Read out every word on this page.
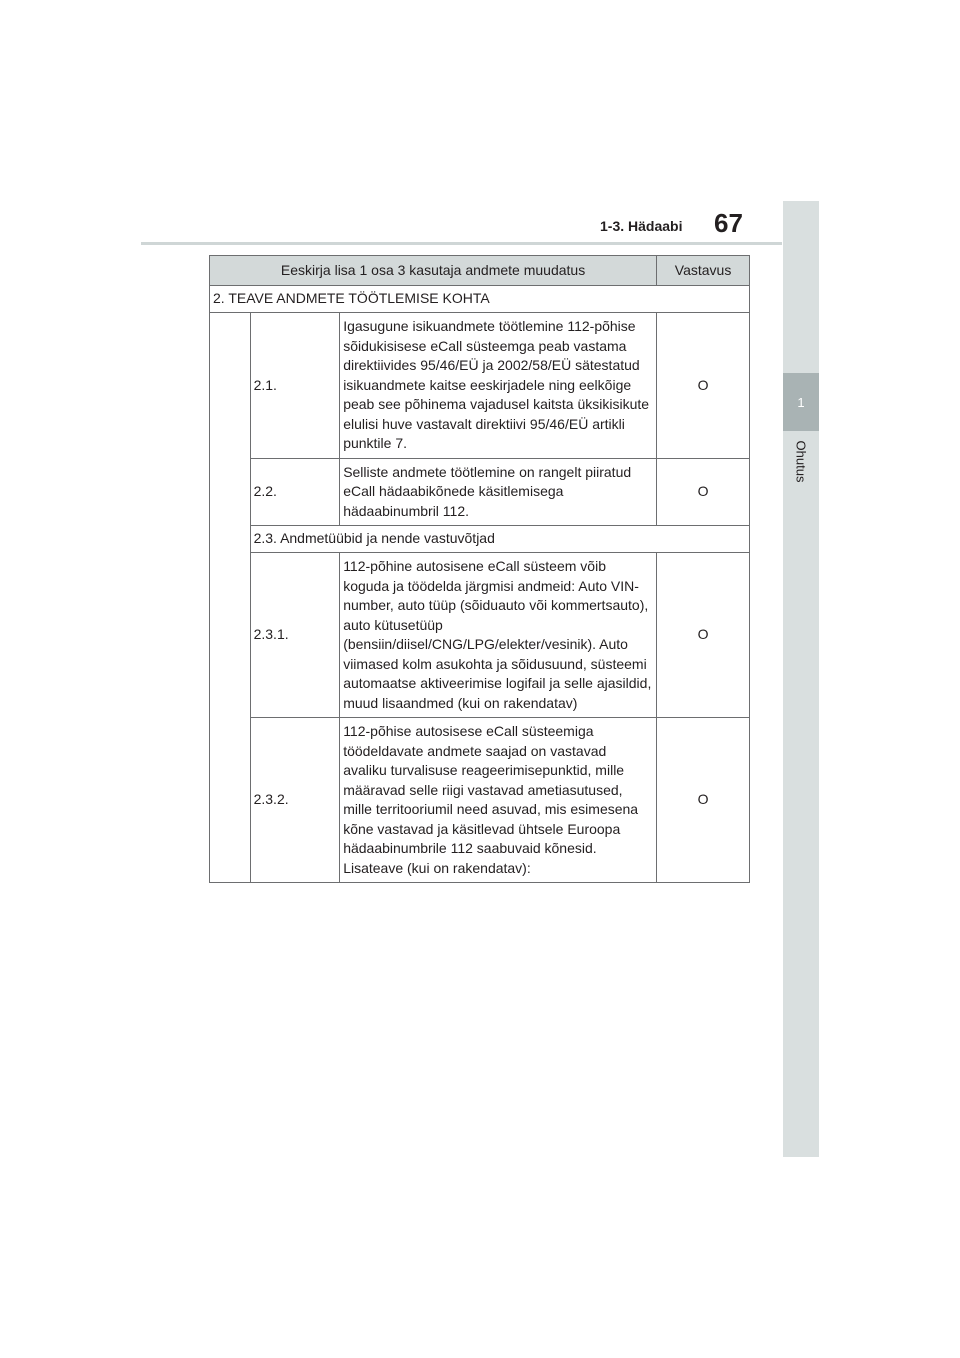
1-3. Hädaabi 67
1
Ohutus
Eeskirja lisa 1 osa 3 kasutaja andmete muudatus			Vastavus
2. TEAVE ANDMETE TÖÖTLEMISE KOHTA			
	2.1.	Igasugune isikuandmete töötlemine 112-põhise sõidukisisese eCall süsteemga peab vastama direktiivides 95/46/EÜ ja 2002/58/EÜ sätestatud isikuandmete kaitse eeskirjadele ning eelkõige peab see põhinema vajadusel kaitsta üksikisikute elulisi huve vastavalt direktiivi 95/46/EÜ artikli punktile 7.	O
	2.2.	Selliste andmete töötlemine on rangelt piiratud eCall hädaabikõnede käsitlemisega hädaabinumbril 112.	O
	2.3. Andmetüübid ja nende vastuvõtjad		
	2.3.1.	112-põhine autosisene eCall süsteem võib koguda ja töödelda järgmisi andmeid: Auto VIN-number, auto tüüp (sõiduauto või kommertsauto), auto kütusetüüp (bensiin/diisel/CNG/LPG/elekter/vesinik). Auto viimased kolm asukohta ja sõidusuund, süsteemi automaatse aktiveerimise logifail ja selle ajasildid, muud lisaandmed (kui on rakendatav)	O
	2.3.2.	112-põhise autosisese eCall süsteemiga töödeldavate andmete saajad on vastavad avaliku turvalisuse reageerimisepunktid, mille määravad selle riigi vastavad ametiasutused, mille territooriumil need asuvad, mis esimesena kõne vastavad ja käsitlevad ühtsele Euroopa hädaabinumbrile 112 saabuvaid kõnesid. Lisateave (kui on rakendatav):	O
